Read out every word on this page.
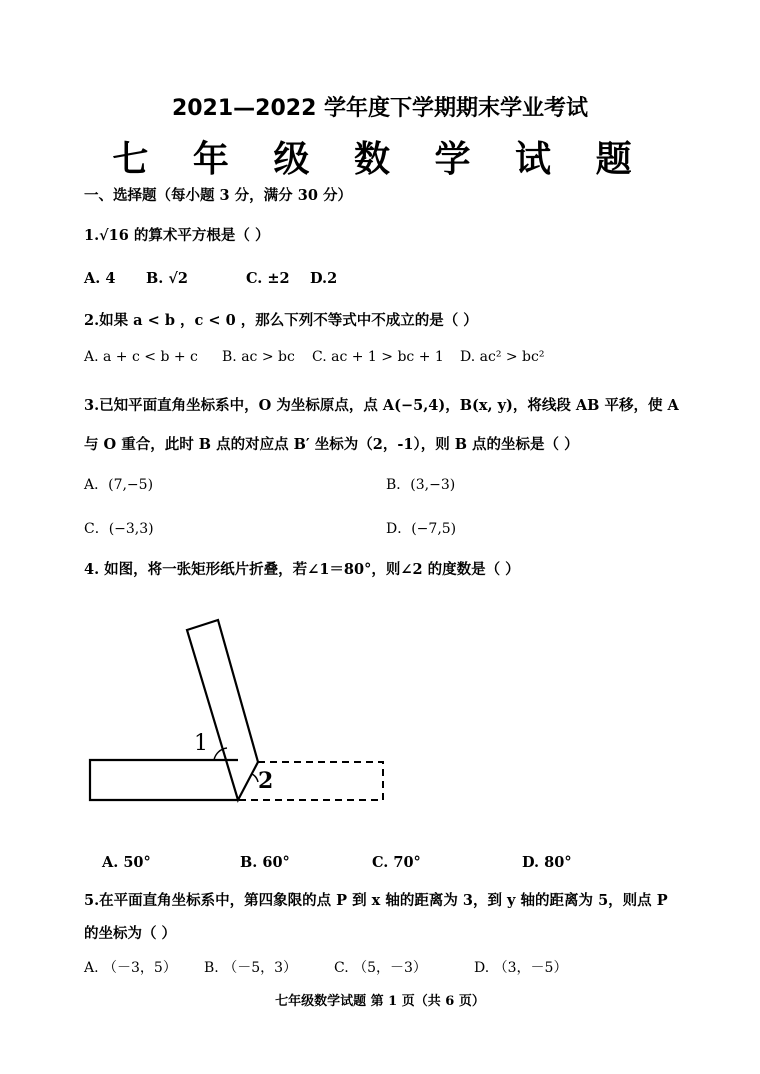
2021—2022 学年度下学期期末学业考试
七 年 级 数 学 试 题
一、选择题（每小题 3 分，满分 30 分）
1.√16 的算术平方根是（ ）
A. 4 B. √2	C. ±2 D.2
2.如果 a < b ，c < 0 ，那么下列不等式中不成立的是（ ）
A. a + c < b + c B. ac > bc C. ac + 1 > bc + 1 D. ac² > bc²
3.已知平面直角坐标系中，O 为坐标原点，点 A(−5,4)，B(x, y)，将线段 AB 平移，使 A
与 O 重合，此时 B 点的对应点 B′ 坐标为（2，-1），则 B 点的坐标是（ ）
A．(7,−5)	B．(3,−3)
C．(−3,3)	D．(−7,5)
4. 如图，将一张矩形纸片折叠，若∠1＝80°，则∠2 的度数是（ ）
1
2
A. 50°	B. 60°	C. 70°	D. 80°
5.在平面直角坐标系中，第四象限的点 P 到 x 轴的距离为 3，到 y 轴的距离为 5，则点 P
的坐标为（ ）
A. （－3，5） B. （－5，3）	C. （5，－3）	D. （3，－5）
七年级数学试题 第 1 页（共 6 页）
